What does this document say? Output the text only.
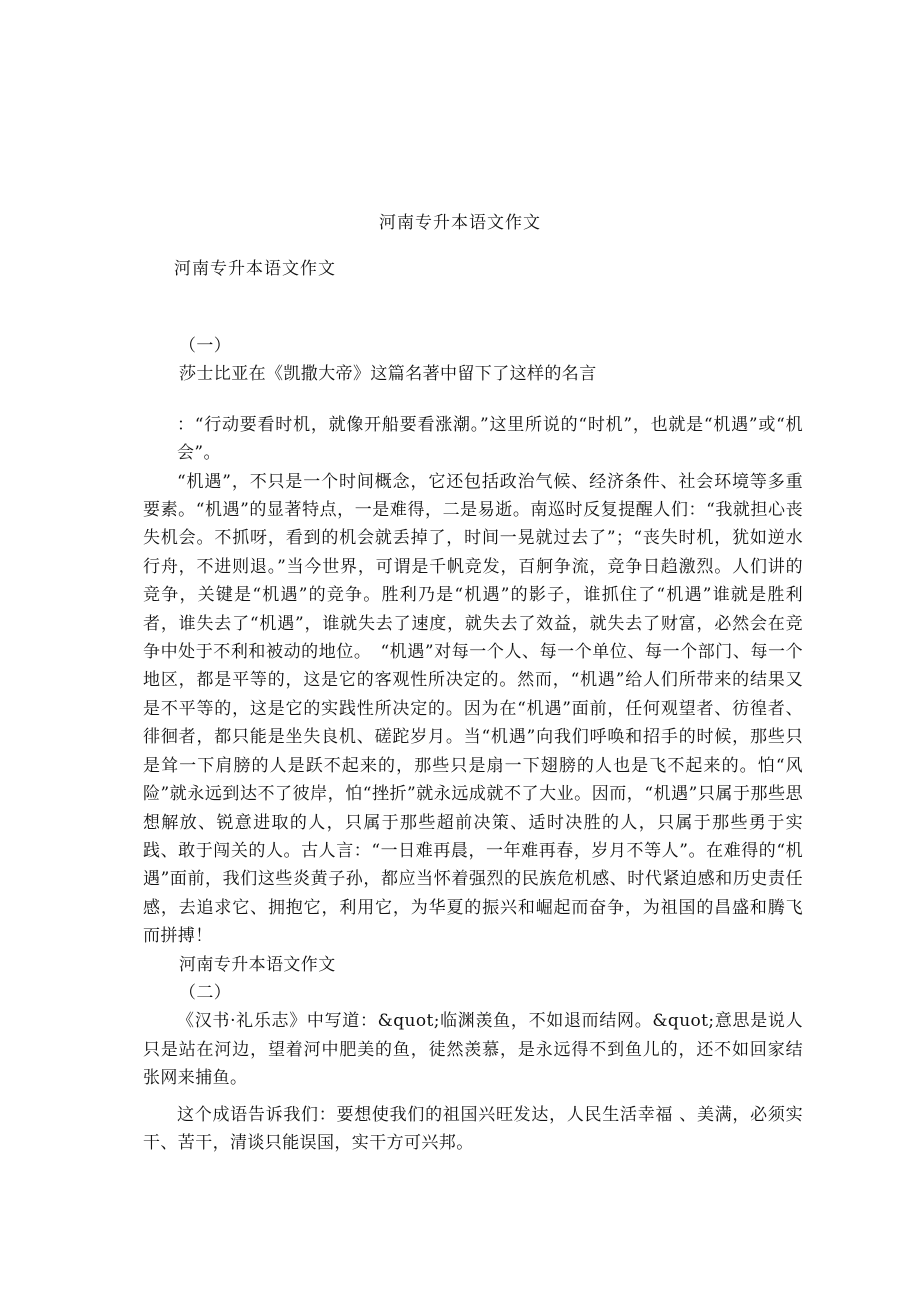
河南专升本语文作文
河南专升本语文作文

（一）

莎士比亚在《凯撒大帝》这篇名著中留下了这样的名言

：“行动要看时机，就像开船要看涨潮。”这里所说的“时机”，也就是“机遇”或“机会”。

“机遇”，不只是一个时间概念，它还包括政治气候、经济条件、社会环境等多重要素。“机遇”的显著特点，一是难得，二是易逝。南巡时反复提醒人们：“我就担心丧失机会。不抓呀，看到的机会就丢掉了，时间一晃就过去了”；“丧失时机，犹如逆水行舟，不进则退。”当今世界，可谓是千帆竞发，百舸争流，竞争日趋激烈。人们讲的竞争，关键是“机遇”的竞争。胜利乃是“机遇”的影子，谁抓住了“机遇”谁就是胜利者，谁失去了“机遇”，谁就失去了速度，就失去了效益，就失去了财富，必然会在竞争中处于不利和被动的地位。　“机遇”对每一个人、每一个单位、每一个部门、每一个地区，都是平等的，这是它的客观性所决定的。然而，“机遇”给人们所带来的结果又是不平等的，这是它的实践性所决定的。因为在“机遇”面前，任何观望者、彷徨者、徘徊者，都只能是坐失良机、磋跎岁月。当“机遇”向我们呼唤和招手的时候，那些只是耸一下肩膀的人是跃不起来的，那些只是扇一下翅膀的人也是飞不起来的。怕“风险”就永远到达不了彼岸，怕“挫折”就永远成就不了大业。因而，“机遇”只属于那些思想解放、锐意进取的人，只属于那些超前决策、适时决胜的人，只属于那些勇于实践、敢于闯关的人。古人言：“一日难再晨，一年难再春，岁月不等人”。在难得的“机遇”面前，我们这些炎黄子孙，都应当怀着强烈的民族危机感、时代紧迫感和历史责任感，去追求它、拥抱它，利用它，为华夏的振兴和崛起而奋争，为祖国的昌盛和腾飞而拼搏！

河南专升本语文作文

（二）

《汉书·礼乐志》中写道：&quot;临渊羡鱼，不如退而结网。&quot;意思是说人只是站在河边，望着河中肥美的鱼，徒然羡慕，是永远得不到鱼儿的，还不如回家结张网来捕鱼。

这个成语告诉我们：要想使我们的祖国兴旺发达，人民生活幸福 、美满，必须实干、苦干，清谈只能误国，实干方可兴邦。
